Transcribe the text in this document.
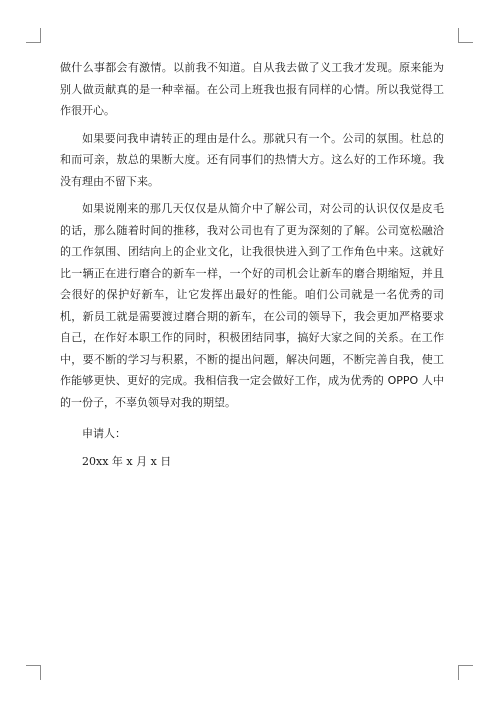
做什么事都会有激情。以前我不知道。自从我去做了义工我才发现。原来能为别人做贡献真的是一种幸福。在公司上班我也报有同样的心情。所以我觉得工作很开心。

如果要问我申请转正的理由是什么。那就只有一个。公司的氛围。杜总的和而可亲，敖总的果断大度。还有同事们的热情大方。这么好的工作环境。我没有理由不留下来。

如果说刚来的那几天仅仅是从简介中了解公司，对公司的认识仅仅是皮毛的话，那么随着时间的推移，我对公司也有了更为深刻的了解。公司宽松融洽的工作氛围、团结向上的企业文化，让我很快进入到了工作角色中来。这就好比一辆正在进行磨合的新车一样，一个好的司机会让新车的磨合期缩短，并且会很好的保护好新车，让它发挥出最好的性能。咱们公司就是一名优秀的司机，新员工就是需要渡过磨合期的新车，在公司的领导下，我会更加严格要求自己，在作好本职工作的同时，积极团结同事，搞好大家之间的关系。在工作中，要不断的学习与积累，不断的提出问题，解决问题，不断完善自我，使工作能够更快、更好的完成。我相信我一定会做好工作，成为优秀的 OPPO 人中的一份子，不辜负领导对我的期望。

申请人：
20xx 年 x 月 x 日
